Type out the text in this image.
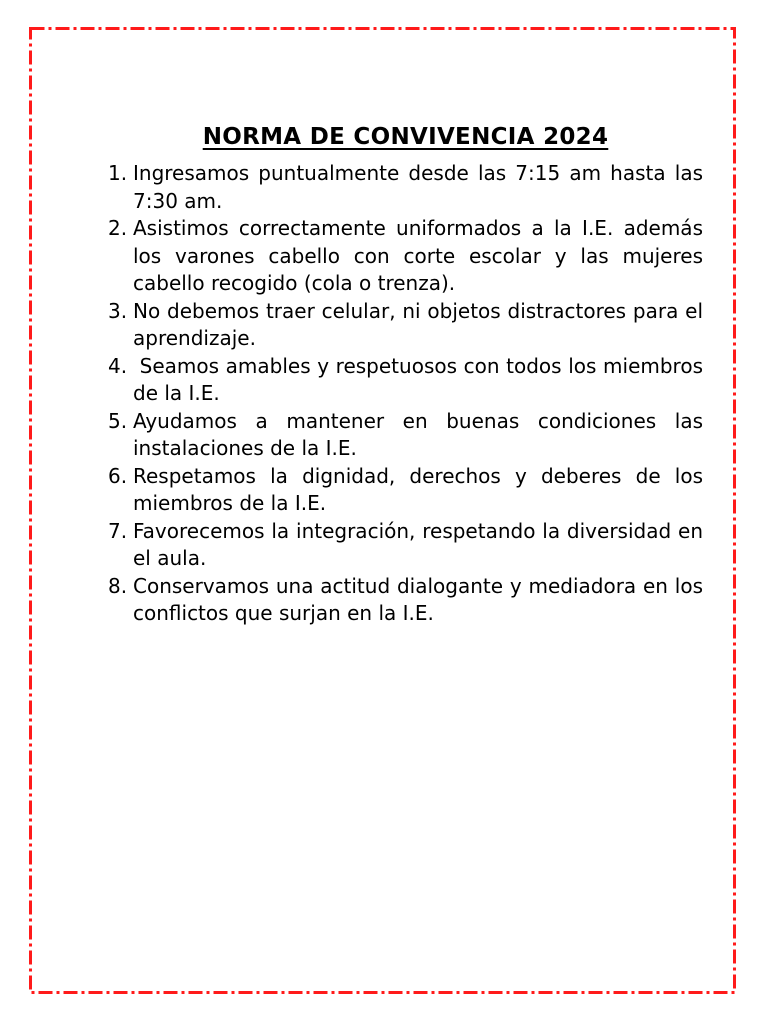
NORMA DE CONVIVENCIA 2024
1. Ingresamos puntualmente desde las 7:15 am hasta las 7:30 am.
2. Asistimos correctamente uniformados a la I.E. además los varones cabello con corte escolar y las mujeres cabello recogido (cola o trenza).
3. No debemos traer celular, ni objetos distractores para el aprendizaje.
4. Seamos amables y respetuosos con todos los miembros de la I.E.
5. Ayudamos a mantener en buenas condiciones las instalaciones de la I.E.
6. Respetamos la dignidad, derechos y deberes de los miembros de la I.E.
7. Favorecemos la integración, respetando la diversidad en el aula.
8. Conservamos una actitud dialogante y mediadora en los conflictos que surjan en la I.E.
